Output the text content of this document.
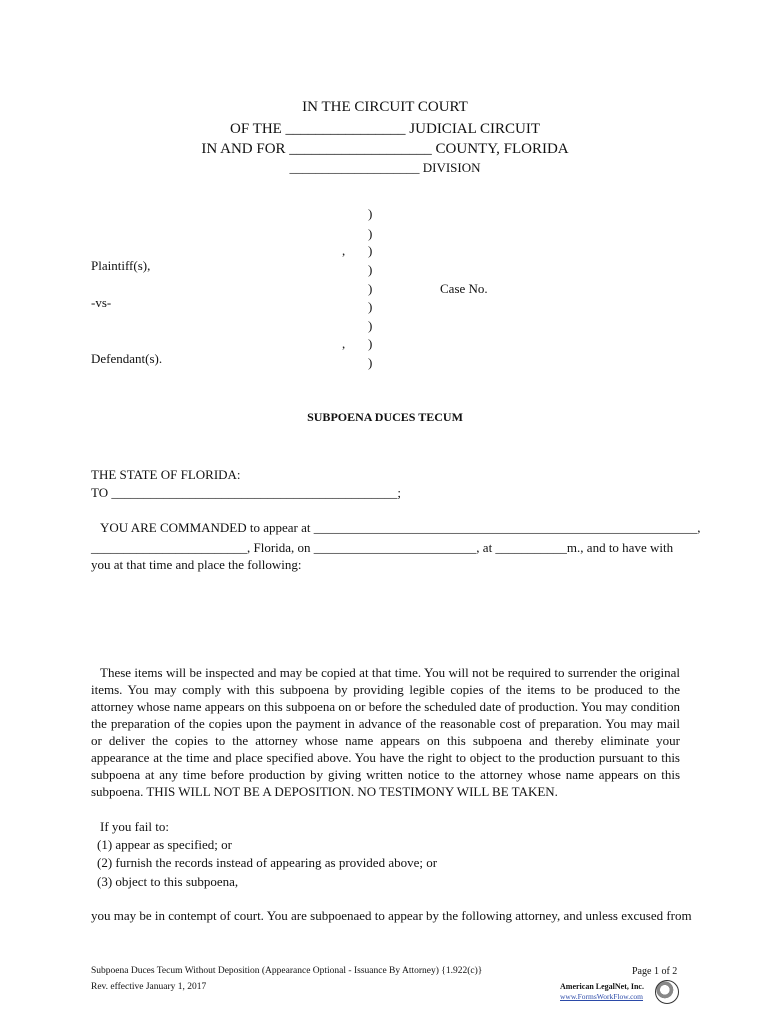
IN THE CIRCUIT COURT
OF THE ________________ JUDICIAL CIRCUIT
IN AND FOR ___________________ COUNTY, FLORIDA
____________________ DIVISION
)
)
)
)
)
)
)
)
)
,
,
Plaintiff(s),
-vs-
Defendant(s).
Case No.
SUBPOENA DUCES TECUM
THE STATE OF FLORIDA:
TO ____________________________________________;
YOU ARE COMMANDED to appear at ___________________________________________________________,
________________________, Florida, on _________________________, at ___________m., and to have with
you at that time and place the following:
These items will be inspected and may be copied at that time. You will not be required to surrender the original items. You may comply with this subpoena by providing legible copies of the items to be produced to the attorney whose name appears on this subpoena on or before the scheduled date of production. You may condition the preparation of the copies upon the payment in advance of the reasonable cost of preparation. You may mail or deliver the copies to the attorney whose name appears on this subpoena and thereby eliminate your appearance at the time and place specified above. You have the right to object to the production pursuant to this subpoena at any time before production by giving written notice to the attorney whose name appears on this subpoena. THIS WILL NOT BE A DEPOSITION. NO TESTIMONY WILL BE TAKEN.
If you fail to:
(1) appear as specified; or
(2) furnish the records instead of appearing as provided above; or
(3) object to this subpoena,
you may be in contempt of court. You are subpoenaed to appear by the following attorney, and unless excused from
Subpoena Duces Tecum Without Deposition (Appearance Optional - Issuance By Attorney) {1.922(c)}
Rev. effective January 1, 2017
Page 1 of 2
American LegalNet, Inc.
www.FormsWorkFlow.com
